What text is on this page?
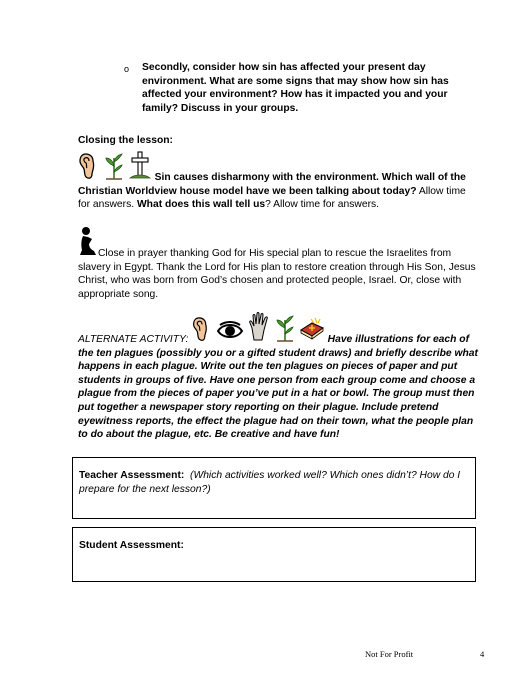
o Secondly, consider how sin has affected your present day environment. What are some signs that may show how sin has affected your environment? How has it impacted you and your family? Discuss in your groups.
Closing the lesson:
Sin causes disharmony with the environment. Which wall of the Christian Worldview house model have we been talking about today? Allow time for answers. What does this wall tell us? Allow time for answers.
Close in prayer thanking God for His special plan to rescue the Israelites from slavery in Egypt. Thank the Lord for His plan to restore creation through His Son, Jesus Christ, who was born from God’s chosen and protected people, Israel. Or, close with appropriate song.
ALTERNATE ACTIVITY:	Have illustrations for each of the ten plagues (possibly you or a gifted student draws) and briefly describe what happens in each plague. Write out the ten plagues on pieces of paper and put students in groups of five. Have one person from each group come and choose a plague from the pieces of paper you’ve put in a hat or bowl. The group must then put together a newspaper story reporting on their plague. Include pretend eyewitness reports, the effect the plague had on their town, what the people plan to do about the plague, etc. Be creative and have fun!
Teacher Assessment: (Which activities worked well? Which ones didn’t? How do I prepare for the next lesson?)
Student Assessment:
Not For Profit	4
